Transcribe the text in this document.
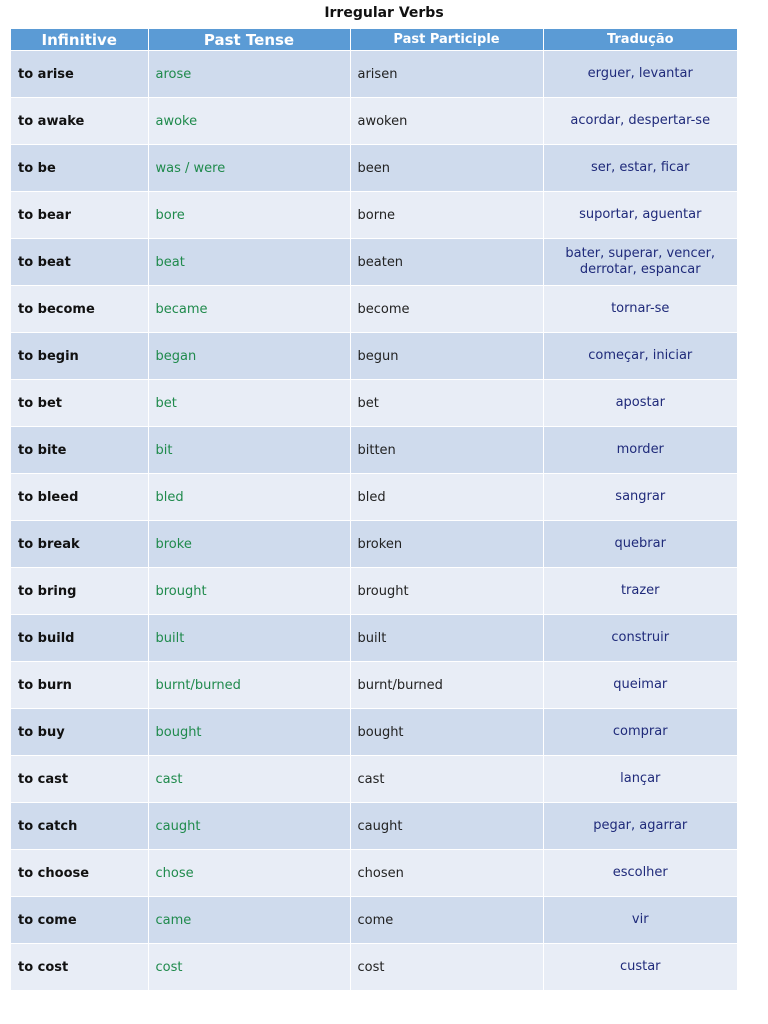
Irregular Verbs
Infinitive	Past Tense	Past Participle	Tradução
to arise	arose	arisen	erguer, levantar
to awake	awoke	awoken	acordar, despertar-se
to be	was / were	been	ser, estar, ficar
to bear	bore	borne	suportar, aguentar
to beat	beat	beaten	bater, superar, vencer, derrotar, espancar
to become	became	become	tornar-se
to begin	began	begun	começar, iniciar
to bet	bet	bet	apostar
to bite	bit	bitten	morder
to bleed	bled	bled	sangrar
to break	broke	broken	quebrar
to bring	brought	brought	trazer
to build	built	built	construir
to burn	burnt/burned	burnt/burned	queimar
to buy	bought	bought	comprar
to cast	cast	cast	lançar
to catch	caught	caught	pegar, agarrar
to choose	chose	chosen	escolher
to come	came	come	vir
to cost	cost	cost	custar
